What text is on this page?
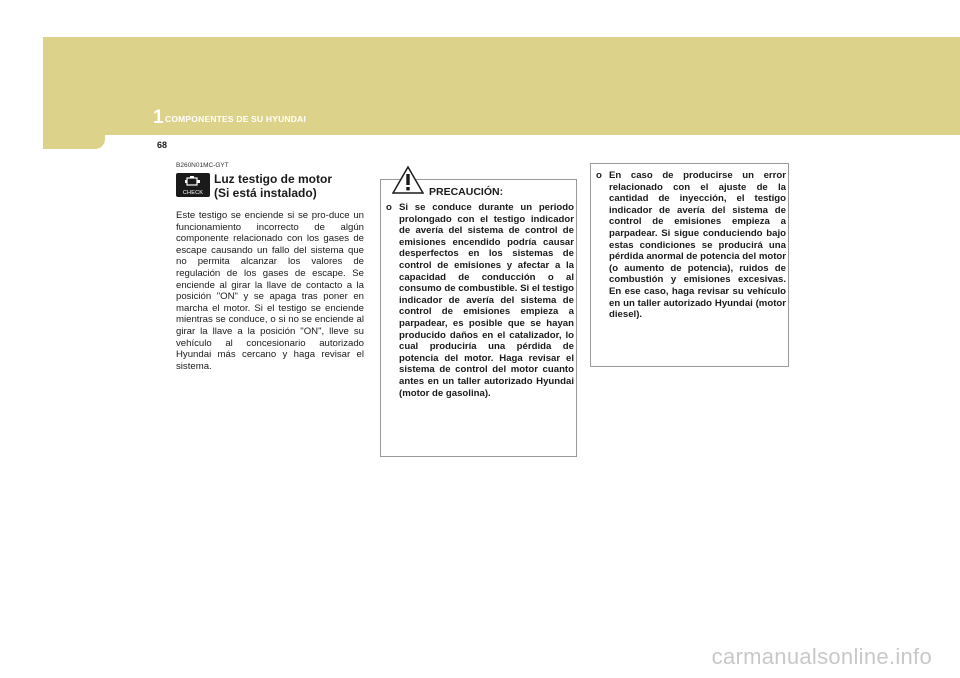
1 COMPONENTES DE SU HYUNDAI
68
B260N01MC-GYT
CHECK
Luz testigo de motor
(Si está instalado)
Este testigo se enciende si se pro-duce un funcionamiento incorrecto de algún componente relacionado con los gases de escape causando un fallo del sistema que no permita alcanzar los valores de regulación de los gases de escape. Se enciende al girar la llave de contacto a la posición "ON" y se apaga tras poner en marcha el motor. Si el testigo se enciende mientras se conduce, o si no se enciende al girar la llave a la posición "ON", lleve su vehículo al concesionario autorizado Hyundai más cercano y haga revisar el sistema.
PRECAUCIÓN:
o Si se conduce durante un periodo prolongado con el testigo indicador de avería del sistema de control de emisiones encendido podría causar desperfectos en los sistemas de control de emisiones y afectar a la capacidad de conducción o al consumo de combustible. Si el testigo indicador de avería del sistema de control de emisiones empieza a parpadear, es posible que se hayan producido daños en el catalizador, lo cual produciría una pérdida de potencia del motor. Haga revisar el sistema de control del motor cuanto antes en un taller autorizado Hyundai (motor de gasolina).
o En caso de producirse un error relacionado con el ajuste de la cantidad de inyección, el testigo indicador de avería del sistema de control de emisiones empieza a parpadear. Si sigue conduciendo bajo estas condiciones se producirá una pérdida anormal de potencia del motor (o aumento de potencia), ruidos de combustión y emisiones excesivas. En ese caso, haga revisar su vehículo en un taller autorizado Hyundai (motor diesel).
carmanualsonline.info
